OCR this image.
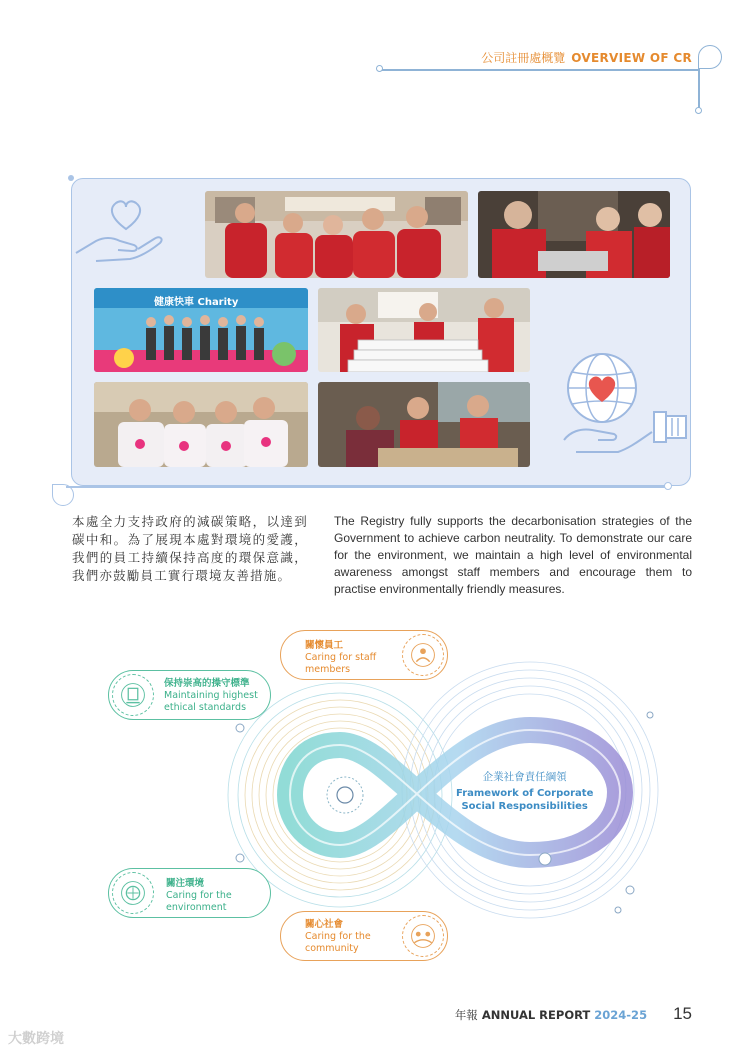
公司註冊處概覽 OVERVIEW OF CR
健康快車 Charity
本處全力支持政府的減碳策略，以達到碳中和。為了展現本處對環境的愛護，我們的員工持續保持高度的環保意識，我們亦鼓勵員工實行環境友善措施。
The Registry fully supports the decarbonisation strategies of the Government to achieve carbon neutrality. To demonstrate our care for the environment, we maintain a high level of environmental awareness amongst staff members and encourage them to practise environmentally friendly measures.
企業社會責任綱領
Framework of Corporate
Social Responsibilities
關懷員工
Caring for staff
members
保持崇高的操守標準
Maintaining highest
ethical standards
關注環境
Caring for the
environment
關心社會
Caring for the
community
年報 ANNUAL REPORT 2024-25 15
大數跨境
